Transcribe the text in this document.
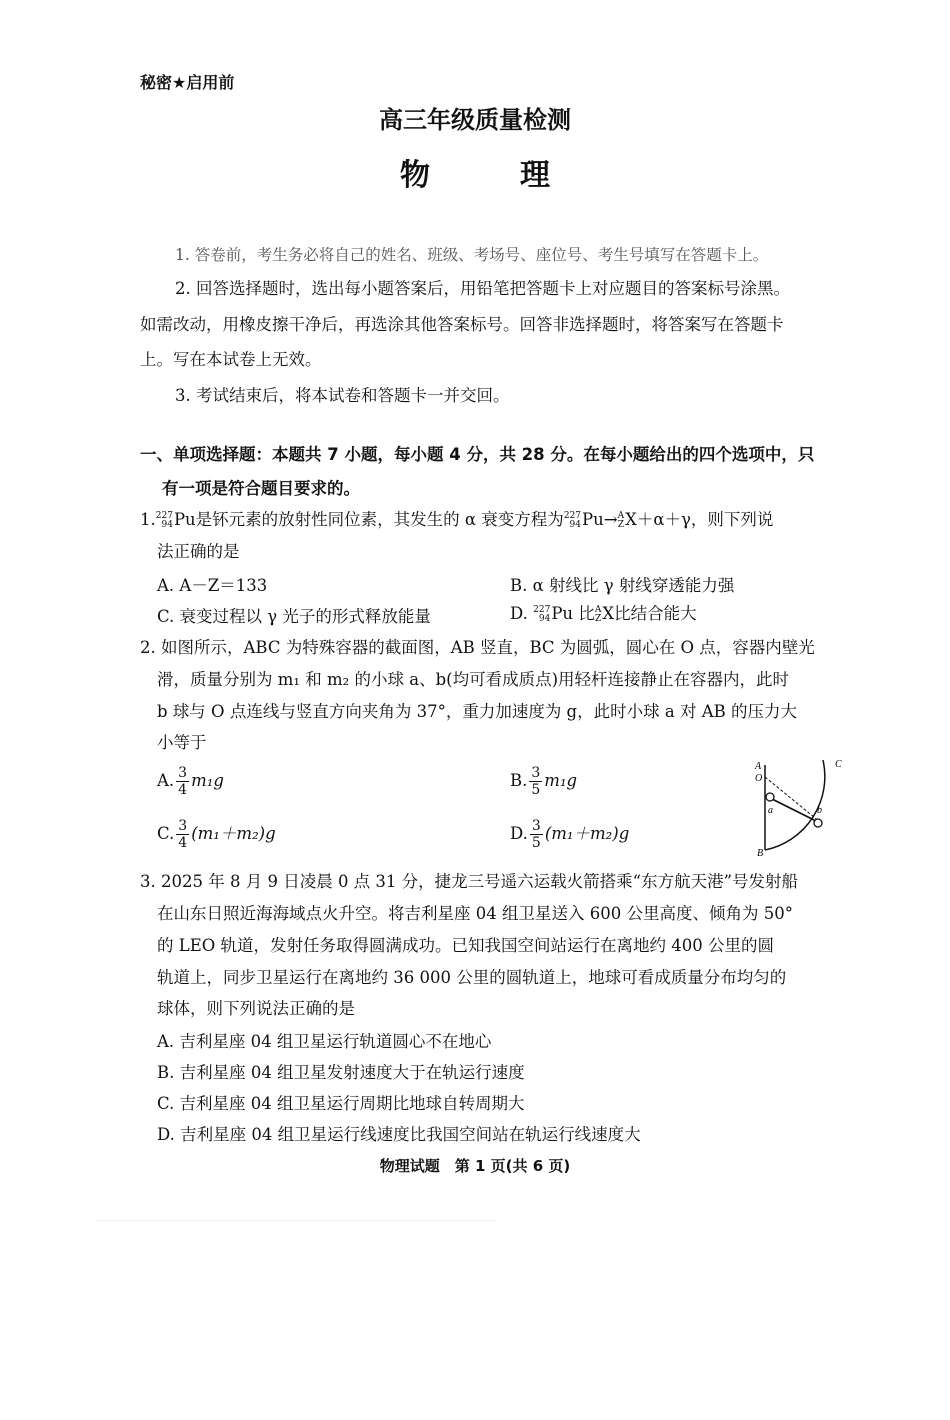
秘密★启用前
高三年级质量检测
物　理
1. 答卷前，考生务必将自己的姓名、班级、考场号、座位号、考生号填写在答题卡上。
2. 回答选择题时，选出每小题答案后，用铅笔把答题卡上对应题目的答案标号涂黑。
如需改动，用橡皮擦干净后，再选涂其他答案标号。回答非选择题时，将答案写在答题卡
上。写在本试卷上无效。
3. 考试结束后，将本试卷和答题卡一并交回。
一、单项选择题：本题共 7 小题，每小题 4 分，共 28 分。在每小题给出的四个选项中，只
有一项是符合题目要求的。
1. 227
94 Pu是钚元素的放射性同位素，其发生的 α 衰变方程为 227
94 Pu→ A
Z X＋α＋γ，则下列说
法正确的是
A. A－Z＝133	B. α 射线比 γ 射线穿透能力强
C. 衰变过程以 γ 光子的形式释放能量	D. 227
94 Pu 比 A
Z X比结合能大
2. 如图所示，ABC 为特殊容器的截面图，AB 竖直，BC 为圆弧，圆心在 O 点，容器内壁光
滑，质量分别为 m₁ 和 m₂ 的小球 a、b(均可看成质点)用轻杆连接静止在容器内，此时
b 球与 O 点连线与竖直方向夹角为 37°，重力加速度为 g，此时小球 a 对 AB 的压力大
小等于
A. $\frac{3}{4} m_1g$	B. $\frac{3}{5} m_1g$
C. $\frac{3}{4} (m_1+m_2)g$	D. $\frac{3}{5} (m_1+m_2)g$
A
O
B
C
a	b
3. 2025 年 8 月 9 日凌晨 0 点 31 分，捷龙三号遥六运载火箭搭乘“东方航天港”号发射船
在山东日照近海海域点火升空。将吉利星座 04 组卫星送入 600 公里高度、倾角为 50°
的 LEO 轨道，发射任务取得圆满成功。已知我国空间站运行在离地约 400 公里的圆
轨道上，同步卫星运行在离地约 36 000 公里的圆轨道上，地球可看成质量分布均匀的
球体，则下列说法正确的是
A. 吉利星座 04 组卫星运行轨道圆心不在地心
B. 吉利星座 04 组卫星发射速度大于在轨运行速度
C. 吉利星座 04 组卫星运行周期比地球自转周期大
D. 吉利星座 04 组卫星运行线速度比我国空间站在轨运行线速度大
物理试题　第 1 页(共 6 页)
